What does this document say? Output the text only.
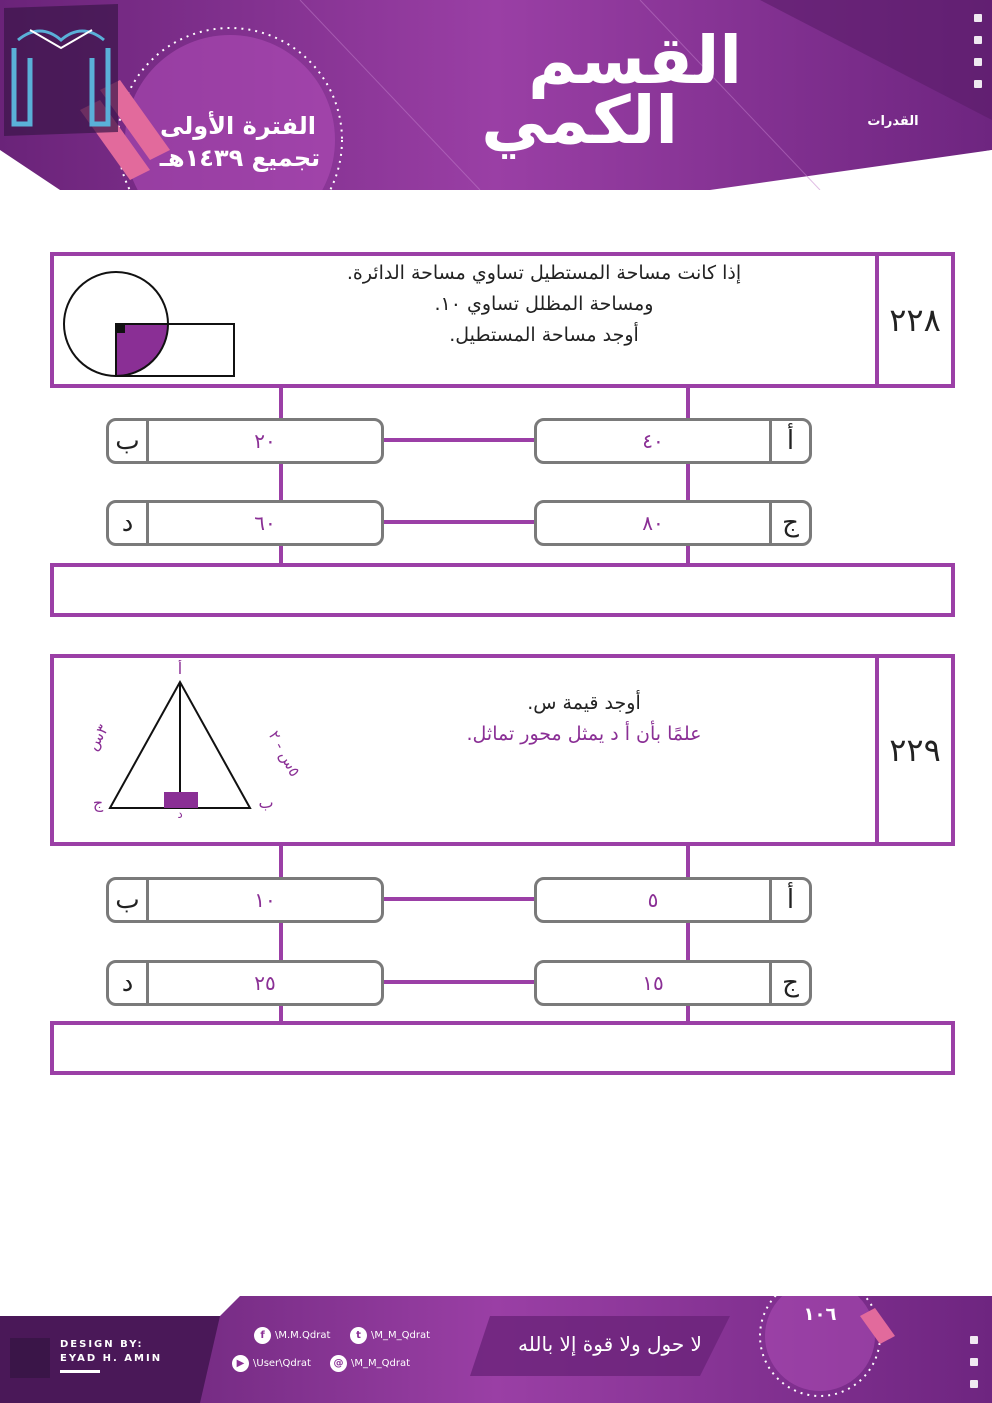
القسم
الكمي
الفترة الأولى
تجميع ١٤٣٩هـ
القدرات
٢٢٨
إذا كانت مساحة المستطيل تساوي مساحة الدائرة.
ومساحة المظلل تساوي ١٠.
أوجد مساحة المستطيل.
٤٠	أ
ب	٢٠
٨٠	ج
د	٦٠
٢٢٩
أوجد قيمة س.
علمًا بأن أ د يمثل محور تماثل.
أ
ج	ب
د
٣س	٥س - ٢
٥	أ
ب	١٠
١٥	ج
د	٢٥
DESIGN BY:
EYAD H. AMIN
f	\M.M.Qdrat	t	\M_M_Qdrat
▶ \User\Qdrat	@ \M_M_Qdrat
لا حول ولا قوة إلا بالله
١٠٦
